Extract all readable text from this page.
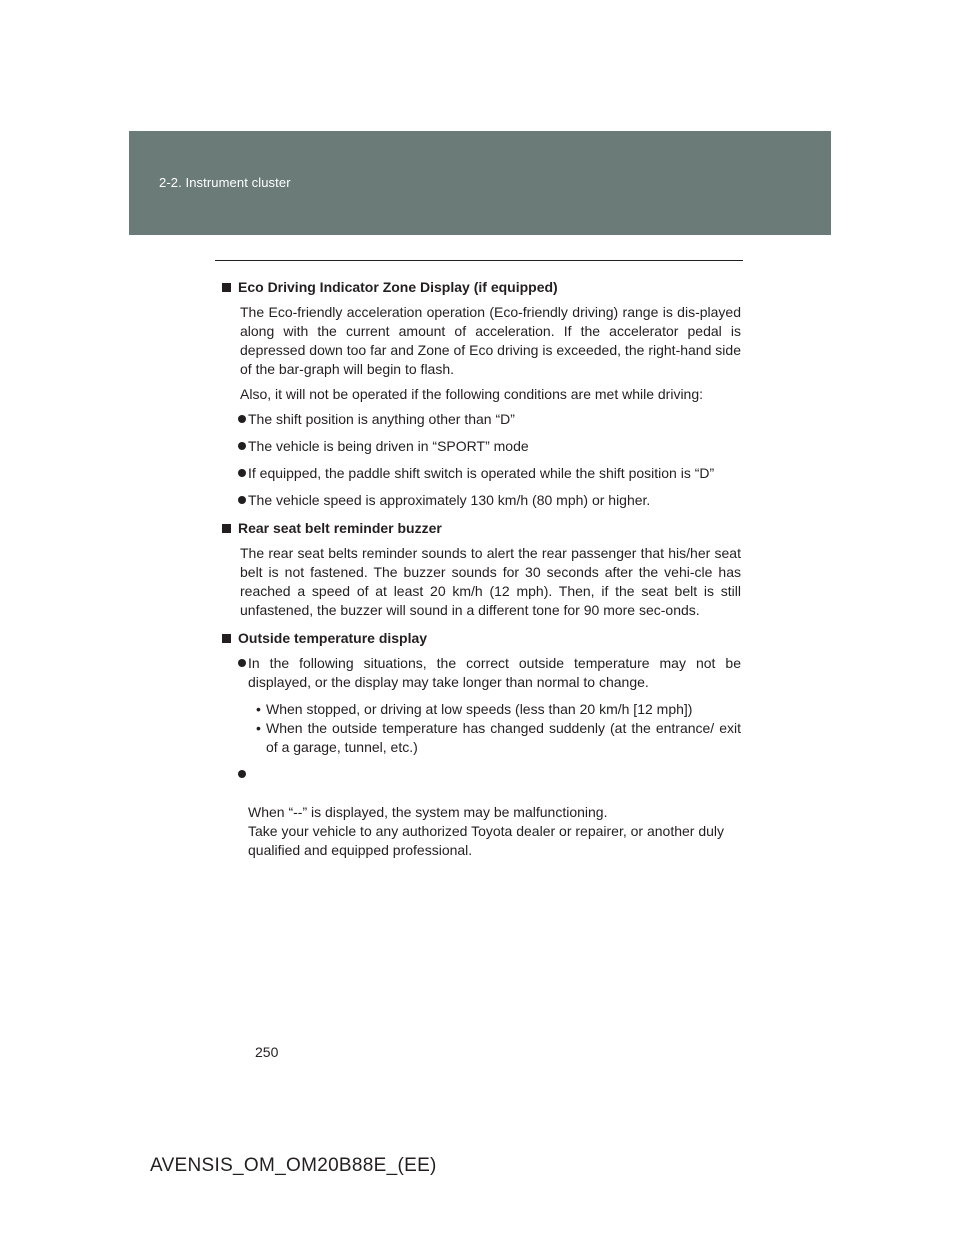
2-2. Instrument cluster
Eco Driving Indicator Zone Display (if equipped)
The Eco-friendly acceleration operation (Eco-friendly driving) range is dis-played along with the current amount of acceleration. If the accelerator pedal is depressed down too far and Zone of Eco driving is exceeded, the right-hand side of the bar-graph will begin to flash.
Also, it will not be operated if the following conditions are met while driving:
The shift position is anything other than “D”
The vehicle is being driven in “SPORT” mode
If equipped, the paddle shift switch is operated while the shift position is “D”
The vehicle speed is approximately 130 km/h (80 mph) or higher.
Rear seat belt reminder buzzer
The rear seat belts reminder sounds to alert the rear passenger that his/her seat belt is not fastened. The buzzer sounds for 30 seconds after the vehi-cle has reached a speed of at least 20 km/h (12 mph). Then, if the seat belt is still unfastened, the buzzer will sound in a different tone for 90 more sec-onds.
Outside temperature display
In the following situations, the correct outside temperature may not be displayed, or the display may take longer than normal to change.
• When stopped, or driving at low speeds (less than 20 km/h [12 mph])
• When the outside temperature has changed suddenly (at the entrance/ exit of a garage, tunnel, etc.)

When “--” is displayed, the system may be malfunctioning.
Take your vehicle to any authorized Toyota dealer or repairer, or another duly qualified and equipped professional.

250
AVENSIS_OM_OM20B88E_(EE)
